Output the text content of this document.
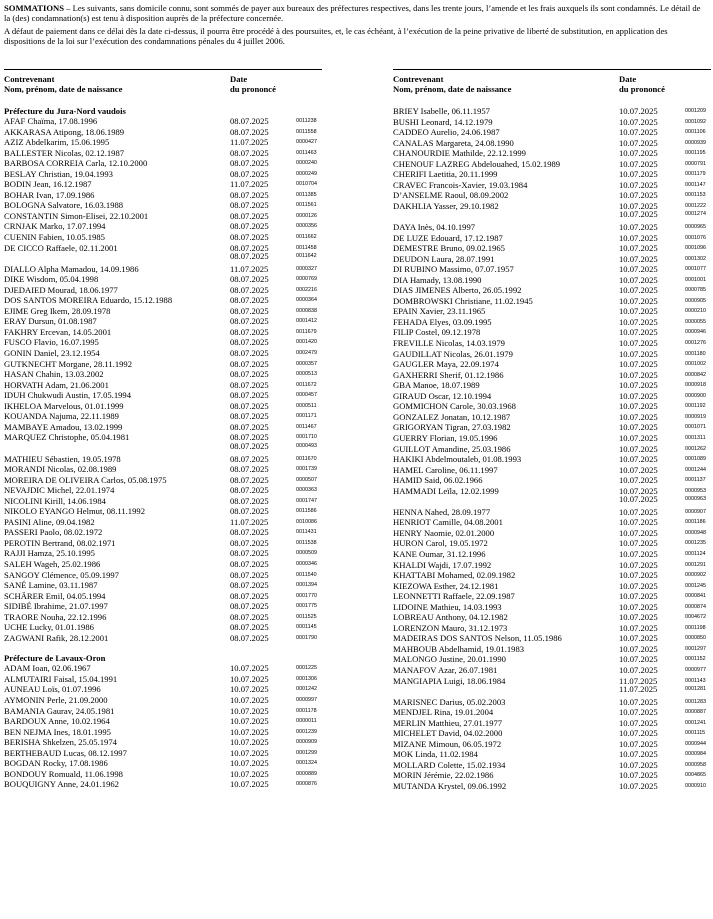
SOMMATIONS – Les suivants, sans domicile connu, sont sommés de payer aux bureaux des préfectures respectives, dans les trente jours, l’amende et les frais auxquels ils sont condamnés. Le détail de la (des) condamnation(s) est tenu à disposition auprès de la préfecture concernée.

A défaut de paiement dans ce délai dès la date ci-dessus, il pourra être procédé à des poursuites, et, le cas échéant, à l’exécution de la peine privative de liberté de substitution, en application des dispositions de la loi sur l’exécution des condamnations pénales du 4 juillet 2006.

Contrevenant
Nom, prénom, date de naissance
Date
du prononcé
Préfecture du Jura-Nord vaudois
AFAF Chaïma, 17.08.1996	08.07.2025	0011238
AKKARASA Atipong, 18.06.1989	08.07.2025	0011558
AZIZ Abdelkarim, 15.06.1995	11.07.2025	0000427
BALLESTER Nicolas, 02.12.1987	08.07.2025	0011463
BARBOSA CORREIA Carla, 12.10.2000	08.07.2025	0000240
BESLAY Christian, 19.04.1993	08.07.2025	0000249
BODIN Jean, 16.12.1987	11.07.2025	0010704
BOHAR Ivan, 17.09.1986	08.07.2025	0011385
BOLOGNA Salvatore, 16.03.1988	08.07.2025	0011561
CONSTANTIN Simon-Elisei, 22.10.2001	08.07.2025	0000126
CRNJAK Marko, 17.07.1994	08.07.2025	0000356
CUENIN Fabien, 10.05.1985	08.07.2025	0011662
DE CICCO Raffaele, 02.11.2001	08.07.2025	0011458
08.07.2025	0011642
DIALLO Alpha Mamadou, 14.09.1986	11.07.2025	0000327
DIKE Wisdom, 05.04.1998	08.07.2025	0000769
DJEDAIED Mourad, 18.06.1977	08.07.2025	0002216
DOS SANTOS MOREIRA Eduardo, 15.12.1988	08.07.2025	0000364
EJIME Greg Ikem, 28.09.1978	08.07.2025	0000838
ERAY Dursun, 01.08.1987	08.07.2025	0001412
FAKHRY Ercevan, 14.05.2001	08.07.2025	0011679
FUSCO Flavio, 16.07.1995	08.07.2025	0001420
GONIN Daniel, 23.12.1954	08.07.2025	0002479
GUTKNECHT Morgane, 28.11.1992	08.07.2025	0000357
HASAN Chahin, 13.03.2002	08.07.2025	0000513
HORVATH Adam, 21.06.2001	08.07.2025	0011672
IDUH Chukwudi Austin, 17.05.1994	08.07.2025	0000457
IKHELOA Marvelous, 01.01.1999	08.07.2025	0000511
KOUANDA Najuma, 22.11.1989	08.07.2025	0001171
MAMBAYE Amadou, 13.02.1999	08.07.2025	0011467
MARQUEZ Christophe, 05.04.1981	08.07.2025	0001710
08.07.2025	0000493
MATHIEU Sébastien, 19.05.1978	08.07.2025	0011670
MORANDI Nicolas, 02.08.1989	08.07.2025	0001739
MOREIRA DE OLIVEIRA Carlos, 05.08.1975	08.07.2025	0000507
NEVAJDIC Michel, 22.01.1974	08.07.2025	0000363
NICOLINI Kirill, 14.06.1984	08.07.2025	0001747
NIKOLO EYANGO Helmut, 08.11.1992	08.07.2025	0011586
PASINI Aline, 09.04.1982	11.07.2025	0010086
PASSERI Paolo, 08.02.1972	08.07.2025	0011431
PEROTIN Bertrand, 08.02.1971	08.07.2025	0011538
RAJJI Hamza, 25.10.1995	08.07.2025	0000509
SALEH Wageh, 25.02.1986	08.07.2025	0000346
SANGOY Clémence, 05.09.1997	08.07.2025	0011540
SANÉ Lamine, 03.11.1987	08.07.2025	0001394
SCHÄRER Emil, 04.05.1994	08.07.2025	0001770
SIDIBÉ Ibrahime, 21.07.1997	08.07.2025	0001775
TRAORE Nouha, 22.12.1996	08.07.2025	0011525
UCHE Lucky, 01.01.1986	08.07.2025	0001145
ZAGWANI Rafik, 28.12.2001	08.07.2025	0001790
Préfecture de Lavaux-Oron
ADAM Ioan, 02.06.1967	10.07.2025	0001225
ALMUTAIRI Faisal, 15.04.1991	10.07.2025	0001306
AUNEAU Loïs, 01.07.1996	10.07.2025	0001242
AYMONIN Perle, 21.09.2000	10.07.2025	0000997
BAMANIA Gaurav, 24.05.1981	10.07.2025	0001178
BARDOUX Anne, 10.02.1964	10.07.2025	0000011
BEN NEJMA Ines, 18.01.1995	10.07.2025	0001239
BERISHA Shkelzen, 25.05.1974	10.07.2025	0000909
BERTHEBAUD Lucas, 08.12.1997	10.07.2025	0001299
BOGDAN Rocky, 17.08.1986	10.07.2025	0001324
BONDOUY Romuald, 11.06.1998	10.07.2025	0000889
BOUQUIGNY Anne, 24.01.1962	10.07.2025	0000876
Contrevenant
Nom, prénom, date de naissance
Date
du prononcé
BRIEY Isabelle, 06.11.1957	10.07.2025	0001209
BUSHI Leonard, 14.12.1979	10.07.2025	0001092
CADDEO Aurelio, 24.06.1987	10.07.2025	0001106
CANALAS Margareta, 24.08.1990	10.07.2025	0000939
CHANOURDIE Mathilde, 22.12.1999	10.07.2025	0001195
CHENOUF LAZREG Abdelouahed, 15.02.1989	10.07.2025	0000791
CHERIFI Laetitia, 20.11.1999	10.07.2025	0001179
CRAVEC Francois-Xavier, 19.03.1984	10.07.2025	0001147
D’ANSELME Raoul, 08.09.2002	10.07.2025	0001153
DAKHLIA Yasser, 29.10.1982	10.07.2025	0001222
10.07.2025	0001274
DAYA Inès, 04.10.1997	10.07.2025	0000965
DE LUZE Edouard, 17.12.1987	10.07.2025	0001076
DEMESTRE Bruno, 09.02.1965	10.07.2025	0001096
DEUDON Laura, 28.07.1991	10.07.2025	0001302
DI RUBINO Massimo, 07.07.1957	10.07.2025	0001077
DIA Hamady, 13.08.1990	10.07.2025	0001001
DIAS JIMENES Alberto, 26.05.1992	10.07.2025	0000785
DOMBROWSKI Christiane, 11.02.1945	10.07.2025	0000905
EPAIN Xavier, 23.11.1965	10.07.2025	0000210
FEHADA Elyes, 03.09.1995	10.07.2025	0000055
FILIP Costel, 09.12.1978	10.07.2025	0000946
FREVILLE Nicolas, 14.03.1979	10.07.2025	0001276
GAUDILLAT Nicolas, 26.01.1979	10.07.2025	0001180
GAUGLER Maya, 22.09.1974	10.07.2025	0001002
GAXHERRI Sherif, 01.12.1986	10.07.2025	0000842
GBA Manoe, 18.07.1989	10.07.2025	0000918
GIRAUD Oscar, 12.10.1994	10.07.2025	0000900
GOMMICHON Carole, 30.03.1968	10.07.2025	0001192
GONZALEZ Jonatan, 10.12.1987	10.07.2025	0000919
GRIGORYAN Tigran, 27.03.1982	10.07.2025	0001071
GUERRY Florian, 19.05.1996	10.07.2025	0001311
GUILLOT Amandine, 25.03.1986	10.07.2025	0001262
HAKIKI Abdelmoutaleb, 01.08.1993	10.07.2025	0001089
HAMEL Caroline, 06.11.1997	10.07.2025	0001244
HAMID Said, 06.02.1966	10.07.2025	0001137
HAMMADI Leïla, 12.02.1999	10.07.2025	0000953
10.07.2025	0000963
HENNA Nahed, 28.09.1977	10.07.2025	0000907
HENRIOT Camille, 04.08.2001	10.07.2025	0001186
HENRY Naomie, 02.01.2000	10.07.2025	0000948
HURON Carol, 19.05.1972	10.07.2025	0001235
KANE Oumar, 31.12.1996	10.07.2025	0001124
KHALDI Wajdi, 17.07.1992	10.07.2025	0001291
KHATTABI Mohamed, 02.09.1982	10.07.2025	0000902
KIEZOWA Esther, 24.12.1981	10.07.2025	0001245
LEONNETTI Raffaele, 22.09.1987	10.07.2025	0000841
LIDOINE Mathieu, 14.03.1993	10.07.2025	0000874
LOBREAU Anthony, 04.12.1982	10.07.2025	0004672
LORENZON Mauro, 31.12.1973	10.07.2025	0001198
MADEIRAS DOS SANTOS Nelson, 11.05.1986	10.07.2025	0000850
MAHBOUB Abdelhamid, 19.01.1983	10.07.2025	0001297
MALONGO Justine, 20.01.1990	10.07.2025	0001152
MANAFOV Azar, 26.07.1981	10.07.2025	0000977
MANGIAPIA Luigi, 18.06.1984	11.07.2025	0001143
11.07.2025	0001281
MARISNEC Darius, 05.02.2003	10.07.2025	0001283
MENDJEL Rina, 19.01.2004	10.07.2025	0000887
MERLIN Matthieu, 27.01.1977	10.07.2025	0001241
MICHELET David, 04.02.2000	10.07.2025	0001115
MIZANE Mimoun, 06.05.1972	10.07.2025	0000944
MOK Linda, 11.02.1984	10.07.2025	0000984
MOLLARD Colette, 15.02.1934	10.07.2025	0000958
MORIN Jérémie, 22.02.1986	10.07.2025	0004865
MUTANDA Krystel, 09.06.1992	10.07.2025	0000910
